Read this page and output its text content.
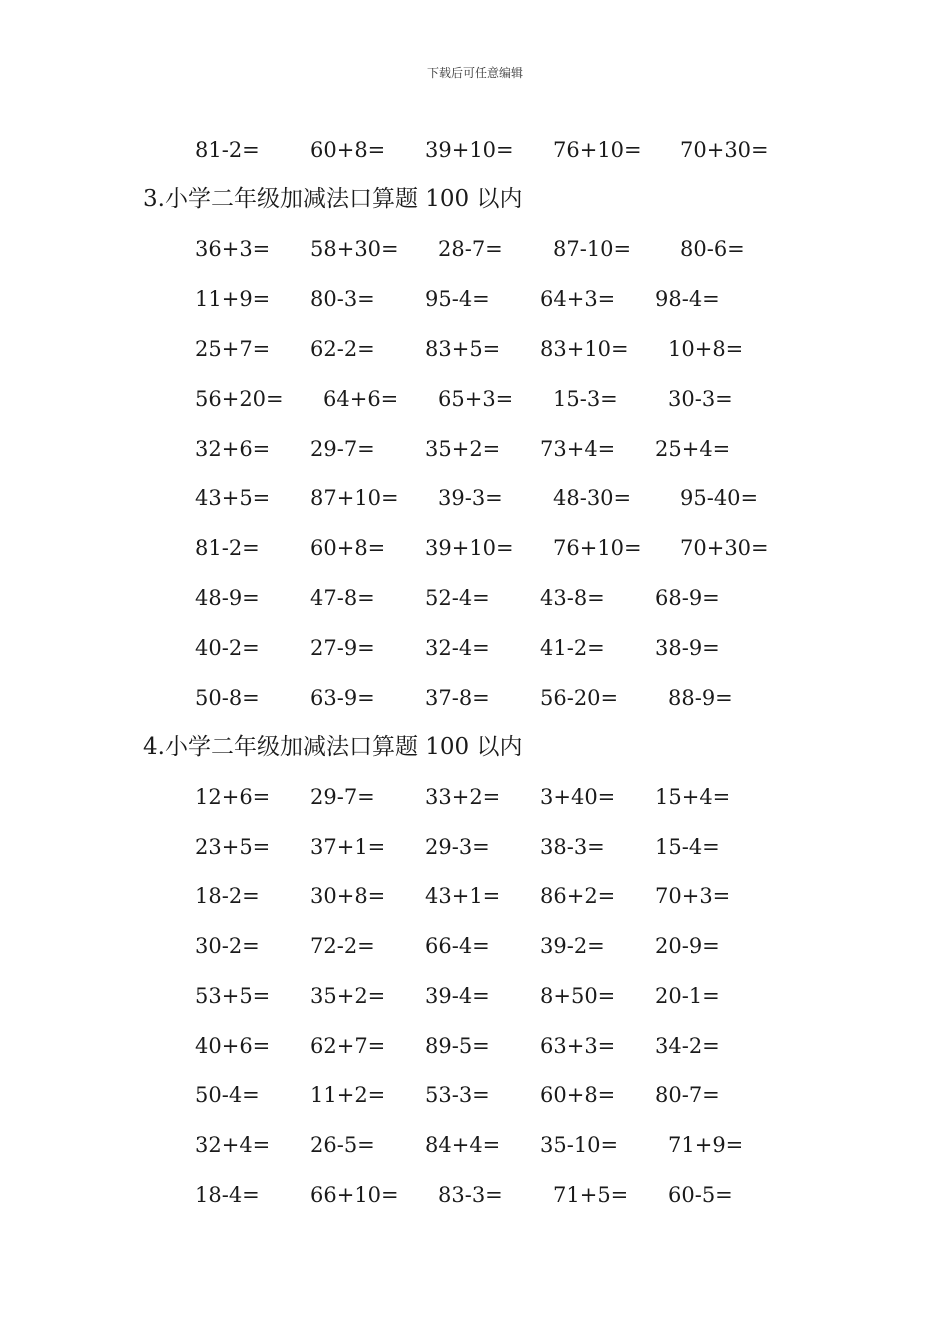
下载后可任意编辑
81-2= 60+8= 39+10= 76+10= 70+30=
3.小学二年级加减法口算题 100 以内
36+3= 58+30= 28-7= 87-10= 80-6=
11+9= 80-3= 95-4= 64+3= 98-4=
25+7= 62-2= 83+5= 83+10= 10+8=
56+20= 64+6= 65+3= 15-3= 30-3=
32+6= 29-7= 35+2= 73+4= 25+4=
43+5= 87+10= 39-3= 48-30= 95-40=
81-2= 60+8= 39+10= 76+10= 70+30=
48-9= 47-8= 52-4= 43-8= 68-9=
40-2= 27-9= 32-4= 41-2= 38-9=
50-8= 63-9= 37-8= 56-20= 88-9=
4.小学二年级加减法口算题 100 以内
12+6= 29-7= 33+2= 3+40= 15+4=
23+5= 37+1= 29-3= 38-3= 15-4=
18-2= 30+8= 43+1= 86+2= 70+3=
30-2= 72-2= 66-4= 39-2= 20-9=
53+5= 35+2= 39-4= 8+50= 20-1=
40+6= 62+7= 89-5= 63+3= 34-2=
50-4= 11+2= 53-3= 60+8= 80-7=
32+4= 26-5= 84+4= 35-10= 71+9=
18-4= 66+10= 83-3= 71+5= 60-5=
